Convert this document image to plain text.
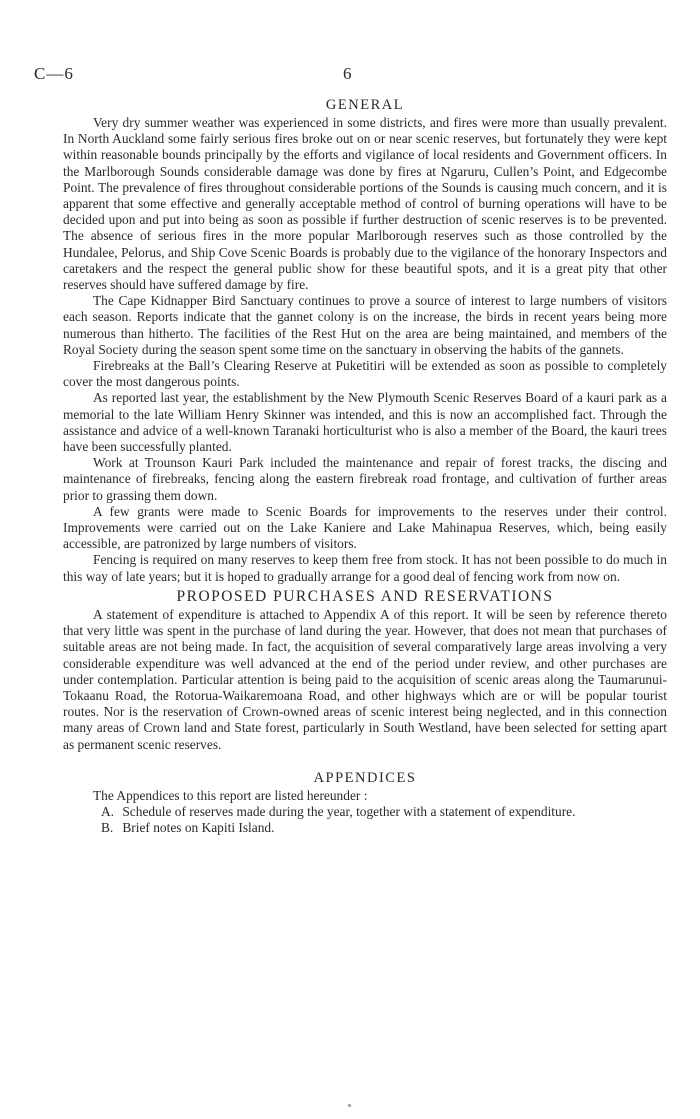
C—6	6
GENERAL

Very dry summer weather was experienced in some districts, and fires were more than usually prevalent. In North Auckland some fairly serious fires broke out on or near scenic reserves, but fortunately they were kept within reasonable bounds principally by the efforts and vigilance of local residents and Government officers. In the Marlborough Sounds considerable damage was done by fires at Ngaruru, Cullen’s Point, and Edgecombe Point. The prevalence of fires throughout considerable portions of the Sounds is causing much concern, and it is apparent that some effective and generally acceptable method of control of burning operations will have to be decided upon and put into being as soon as possible if further destruction of scenic reserves is to be prevented. The absence of serious fires in the more popular Marlborough reserves such as those controlled by the Hundalee, Pelorus, and Ship Cove Scenic Boards is probably due to the vigilance of the honorary Inspectors and caretakers and the respect the general public show for these beautiful spots, and it is a great pity that other reserves should have suffered damage by fire.

The Cape Kidnapper Bird Sanctuary continues to prove a source of interest to large numbers of visitors each season. Reports indicate that the gannet colony is on the increase, the birds in recent years being more numerous than hitherto. The facilities of the Rest Hut on the area are being maintained, and members of the Royal Society during the season spent some time on the sanctuary in observing the habits of the gannets.

Firebreaks at the Ball’s Clearing Reserve at Puketitiri will be extended as soon as possible to completely cover the most dangerous points.

As reported last year, the establishment by the New Plymouth Scenic Reserves Board of a kauri park as a memorial to the late William Henry Skinner was intended, and this is now an accomplished fact. Through the assistance and advice of a well-known Taranaki horticulturist who is also a member of the Board, the kauri trees have been successfully planted.

Work at Trounson Kauri Park included the maintenance and repair of forest tracks, the discing and maintenance of firebreaks, fencing along the eastern firebreak road frontage, and cultivation of further areas prior to grassing them down.

A few grants were made to Scenic Boards for improvements to the reserves under their control. Improvements were carried out on the Lake Kaniere and Lake Mahinapua Reserves, which, being easily accessible, are patronized by large numbers of visitors.

Fencing is required on many reserves to keep them free from stock. It has not been possible to do much in this way of late years; but it is hoped to gradually arrange for a good deal of fencing work from now on.

PROPOSED PURCHASES AND RESERVATIONS

A statement of expenditure is attached to Appendix A of this report. It will be seen by reference thereto that very little was spent in the purchase of land during the year. However, that does not mean that purchases of suitable areas are not being made. In fact, the acquisition of several comparatively large areas involving a very considerable expenditure was well advanced at the end of the period under review, and other purchases are under contemplation. Particular attention is being paid to the acquisition of scenic areas along the Taumarunui-Tokaanu Road, the Rotorua-Waikaremoana Road, and other highways which are or will be popular tourist routes. Nor is the reservation of Crown-owned areas of scenic interest being neglected, and in this connection many areas of Crown land and State forest, particularly in South Westland, have been selected for setting apart as permanent scenic reserves.

APPENDICES

The Appendices to this report are listed hereunder :

A. Schedule of reserves made during the year, together with a statement of expenditure.
B. Brief notes on Kapiti Island.
